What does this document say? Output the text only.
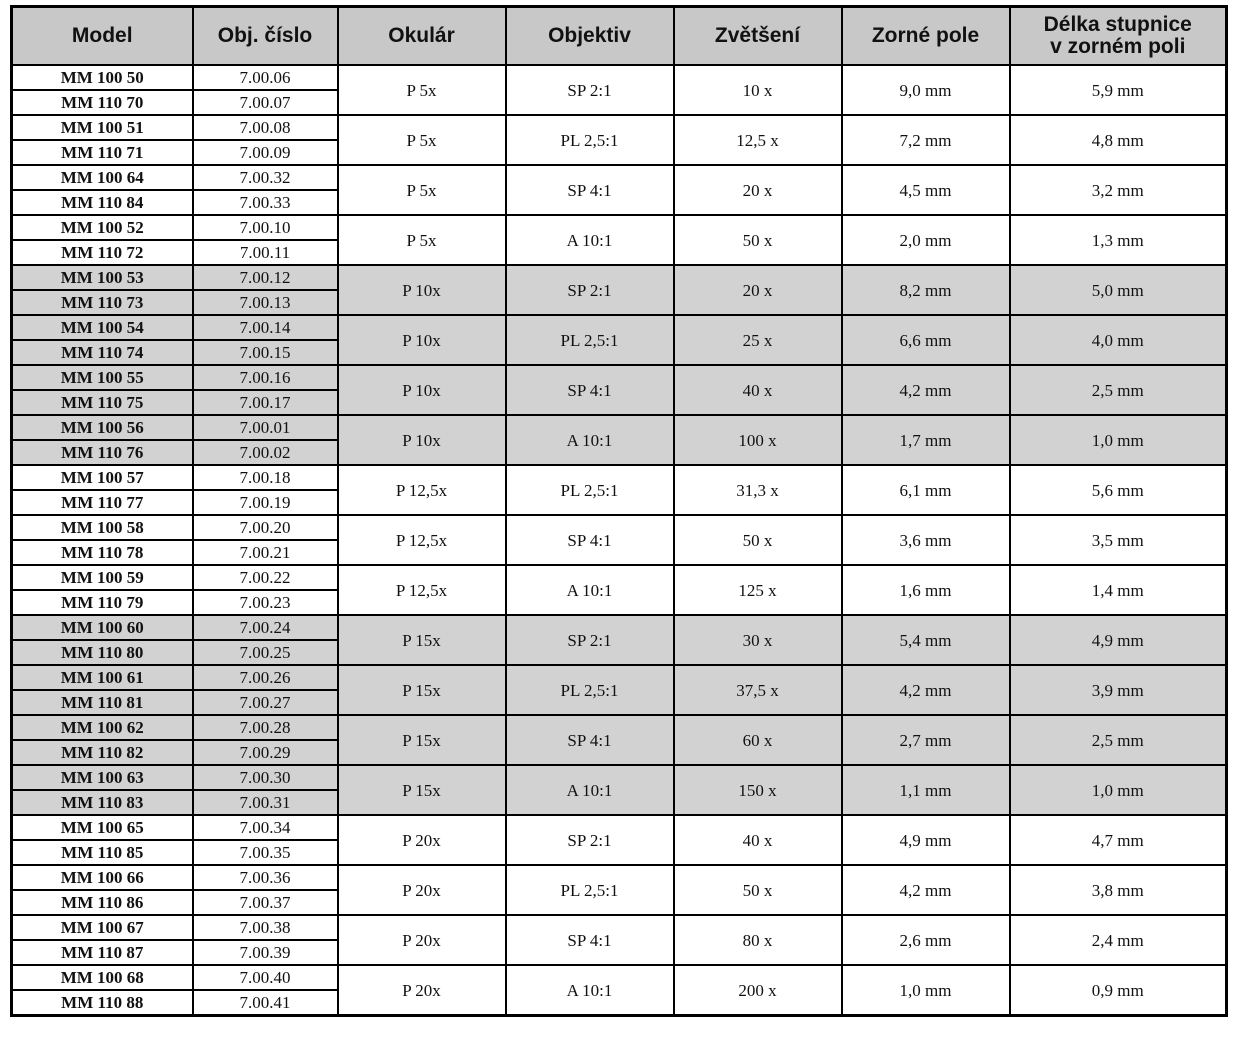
Model	Obj. číslo	Okulár	Objektiv	Zvětšení	Zorné pole	Délka stupnice
v zorném poli
MM 100 50	7.00.06	P 5x	SP 2:1	10 x	9,0 mm	5,9 mm
MM 110 70	7.00.07					
MM 100 51	7.00.08	P 5x	PL 2,5:1	12,5 x	7,2 mm	4,8 mm
MM 110 71	7.00.09					
MM 100 64	7.00.32	P 5x	SP 4:1	20 x	4,5 mm	3,2 mm
MM 110 84	7.00.33					
MM 100 52	7.00.10	P 5x	A 10:1	50 x	2,0 mm	1,3 mm
MM 110 72	7.00.11					
MM 100 53	7.00.12	P 10x	SP 2:1	20 x	8,2 mm	5,0 mm
MM 110 73	7.00.13					
MM 100 54	7.00.14	P 10x	PL 2,5:1	25 x	6,6 mm	4,0 mm
MM 110 74	7.00.15					
MM 100 55	7.00.16	P 10x	SP 4:1	40 x	4,2 mm	2,5 mm
MM 110 75	7.00.17					
MM 100 56	7.00.01	P 10x	A 10:1	100 x	1,7 mm	1,0 mm
MM 110 76	7.00.02					
MM 100 57	7.00.18	P 12,5x	PL 2,5:1	31,3 x	6,1 mm	5,6 mm
MM 110 77	7.00.19					
MM 100 58	7.00.20	P 12,5x	SP 4:1	50 x	3,6 mm	3,5 mm
MM 110 78	7.00.21					
MM 100 59	7.00.22	P 12,5x	A 10:1	125 x	1,6 mm	1,4 mm
MM 110 79	7.00.23					
MM 100 60	7.00.24	P 15x	SP 2:1	30 x	5,4 mm	4,9 mm
MM 110 80	7.00.25					
MM 100 61	7.00.26	P 15x	PL 2,5:1	37,5 x	4,2 mm	3,9 mm
MM 110 81	7.00.27					
MM 100 62	7.00.28	P 15x	SP 4:1	60 x	2,7 mm	2,5 mm
MM 110 82	7.00.29					
MM 100 63	7.00.30	P 15x	A 10:1	150 x	1,1 mm	1,0 mm
MM 110 83	7.00.31					
MM 100 65	7.00.34	P 20x	SP 2:1	40 x	4,9 mm	4,7 mm
MM 110 85	7.00.35					
MM 100 66	7.00.36	P 20x	PL 2,5:1	50 x	4,2 mm	3,8 mm
MM 110 86	7.00.37					
MM 100 67	7.00.38	P 20x	SP 4:1	80 x	2,6 mm	2,4 mm
MM 110 87	7.00.39					
MM 100 68	7.00.40	P 20x	A 10:1	200 x	1,0 mm	0,9 mm
MM 110 88	7.00.41					
